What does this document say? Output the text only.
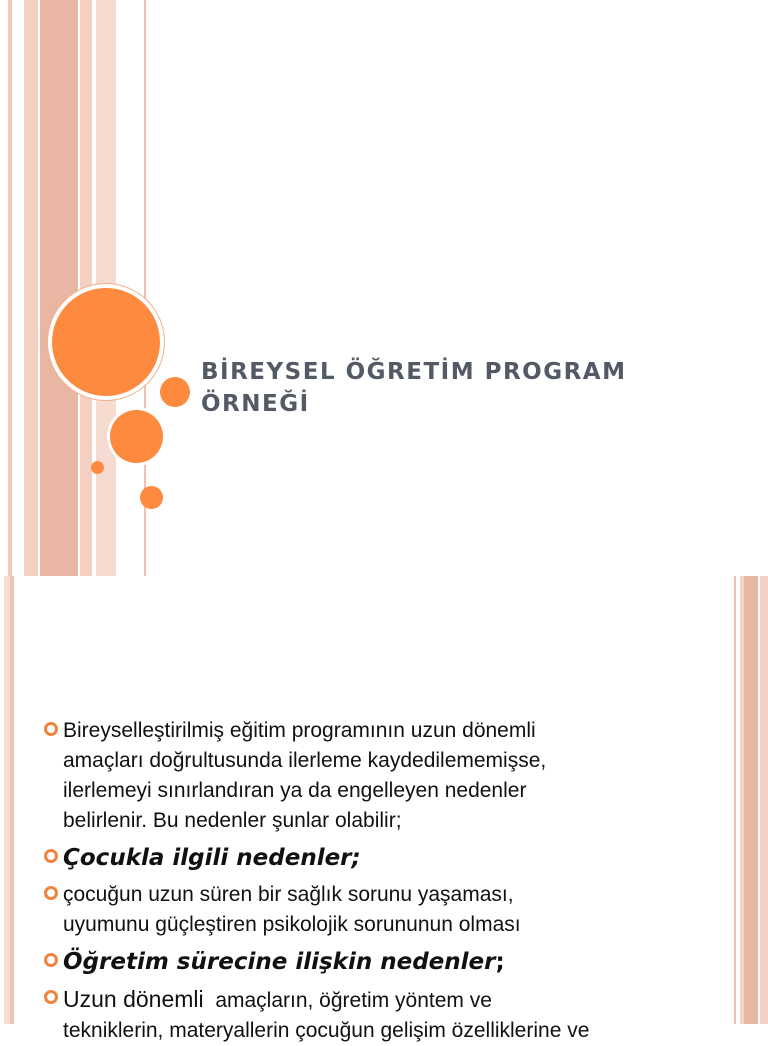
BİREYSEL ÖĞRETİM PROGRAM
ÖRNEĞİ
Bireyselleştirilmiş eğitim programının uzun dönemli
amaçları doğrultusunda ilerleme kaydedilememişse,
ilerlemeyi sınırlandıran ya da engelleyen nedenler
belirlenir. Bu nedenler şunlar olabilir;
Çocukla ilgili nedenler;
çocuğun uzun süren bir sağlık sorunu yaşaması,
uyumunu güçleştiren psikolojik sorununun olması
Öğretim sürecine ilişkin nedenler;
Uzun dönemli amaçların, öğretim yöntem ve
tekniklerin, materyallerin çocuğun gelişim özelliklerine ve
